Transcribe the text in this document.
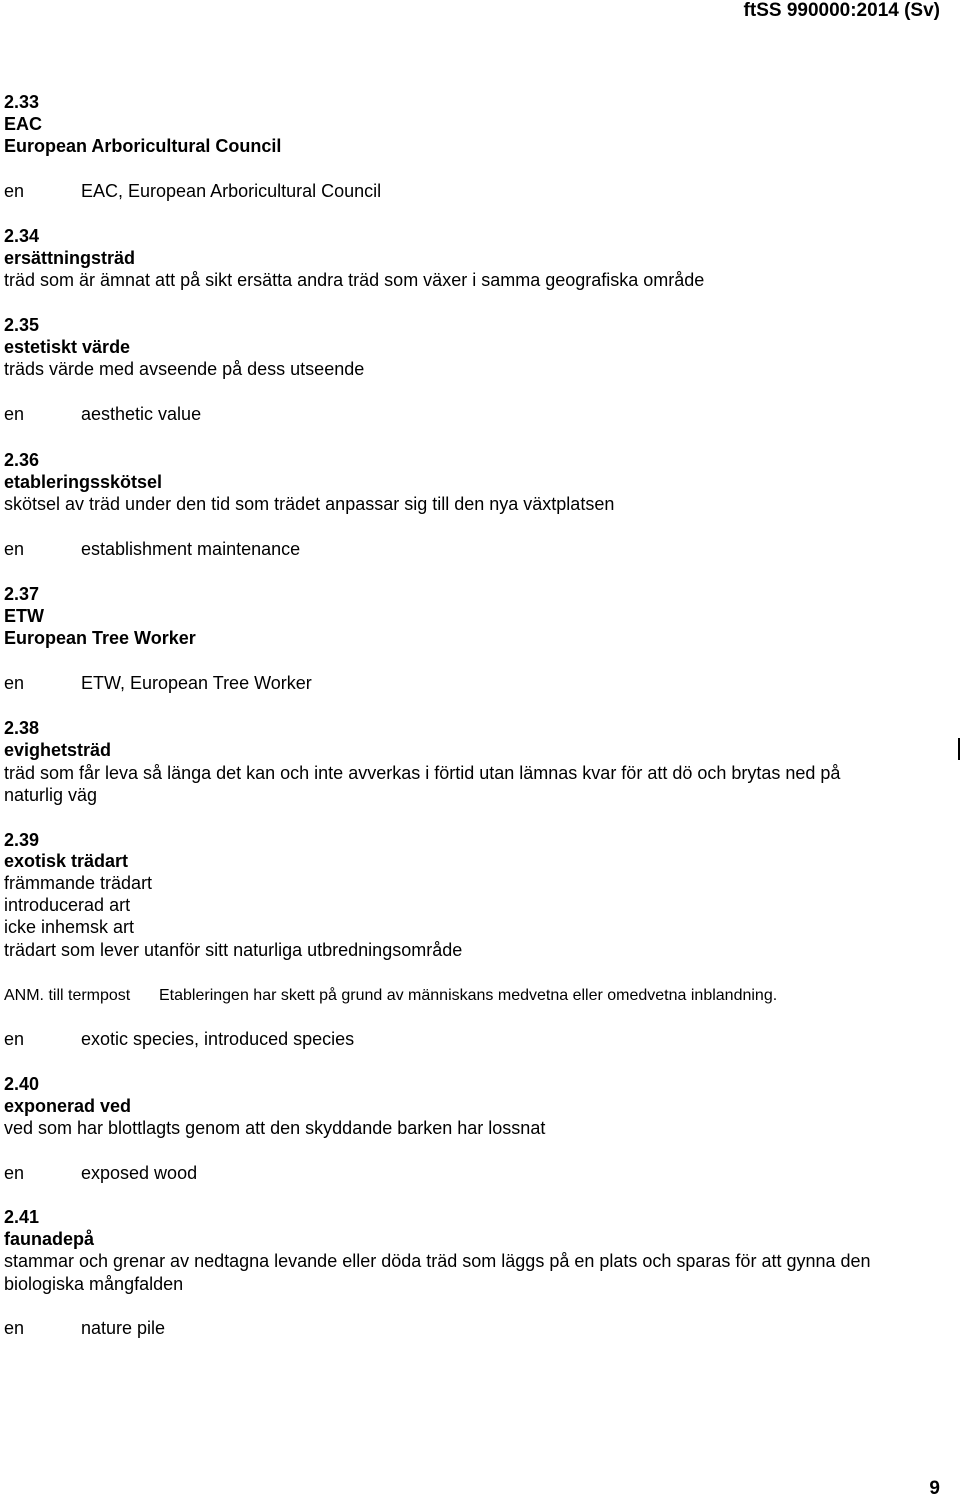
ftSS 990000:2014 (Sv)
2.33
EAC
European Arboricultural Council
en	EAC, European Arboricultural Council
2.34
ersättningsträd
träd som är ämnat att på sikt ersätta andra träd som växer i samma geografiska område
2.35
estetiskt värde
träds värde med avseende på dess utseende
en	aesthetic value
2.36
etableringsskötsel
skötsel av träd under den tid som trädet anpassar sig till den nya växtplatsen
en	establishment maintenance
2.37
ETW
European Tree Worker
en	ETW, European Tree Worker
2.38
evighetsträd
träd som får leva så länga det kan och inte avverkas i förtid utan lämnas kvar för att dö och brytas ned på
naturlig väg
2.39
exotisk trädart
främmande trädart
introducerad art
icke inhemsk art
trädart som lever utanför sitt naturliga utbredningsområde
ANM. till termpost Etableringen har skett på grund av människans medvetna eller omedvetna inblandning.
en	exotic species, introduced species
2.40
exponerad ved
ved som har blottlagts genom att den skyddande barken har lossnat
en	exposed wood
2.41
faunadepå
stammar och grenar av nedtagna levande eller döda träd som läggs på en plats och sparas för att gynna den
biologiska mångfalden
en	nature pile
9
